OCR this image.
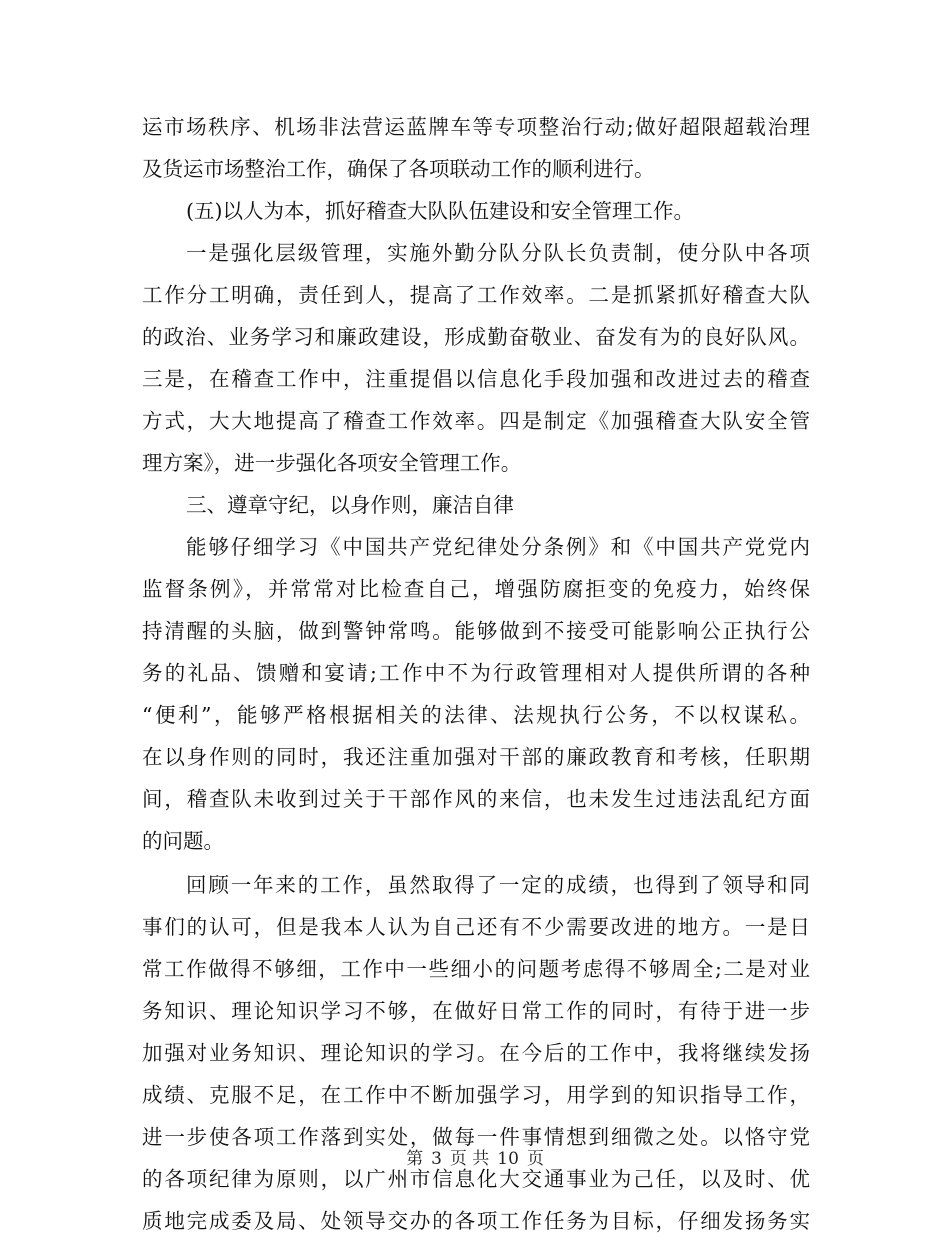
运市场秩序、机场非法营运蓝牌车等专项整治行动;做好超限超载治理
及货运市场整治工作，确保了各项联动工作的顺利进行。
(五)以人为本，抓好稽查大队队伍建设和安全管理工作。
一是强化层级管理，实施外勤分队分队长负责制，使分队中各项
工作分工明确，责任到人，提高了工作效率。二是抓紧抓好稽查大队
的政治、业务学习和廉政建设，形成勤奋敬业、奋发有为的良好队风。
三是，在稽查工作中，注重提倡以信息化手段加强和改进过去的稽查
方式，大大地提高了稽查工作效率。四是制定《加强稽查大队安全管
理方案》，进一步强化各项安全管理工作。
三、遵章守纪，以身作则，廉洁自律
能够仔细学习《中国共产党纪律处分条例》和《中国共产党党内
监督条例》，并常常对比检查自己，增强防腐拒变的免疫力，始终保
持清醒的头脑，做到警钟常鸣。能够做到不接受可能影响公正执行公
务的礼品、馈赠和宴请;工作中不为行政管理相对人提供所谓的各种
“便利”，能够严格根据相关的法律、法规执行公务，不以权谋私。
在以身作则的同时，我还注重加强对干部的廉政教育和考核，任职期
间，稽查队未收到过关于干部作风的来信，也未发生过违法乱纪方面
的问题。
回顾一年来的工作，虽然取得了一定的成绩，也得到了领导和同
事们的认可，但是我本人认为自己还有不少需要改进的地方。一是日
常工作做得不够细，工作中一些细小的问题考虑得不够周全;二是对业
务知识、理论知识学习不够，在做好日常工作的同时，有待于进一步
加强对业务知识、理论知识的学习。在今后的工作中，我将继续发扬
成绩、克服不足，在工作中不断加强学习，用学到的知识指导工作，
进一步使各项工作落到实处，做每一件事情想到细微之处。以恪守党
的各项纪律为原则，以广州市信息化大交通事业为己任，以及时、优
质地完成委及局、处领导交办的各项工作任务为目标，仔细发扬务实
第 3 页 共 10 页
